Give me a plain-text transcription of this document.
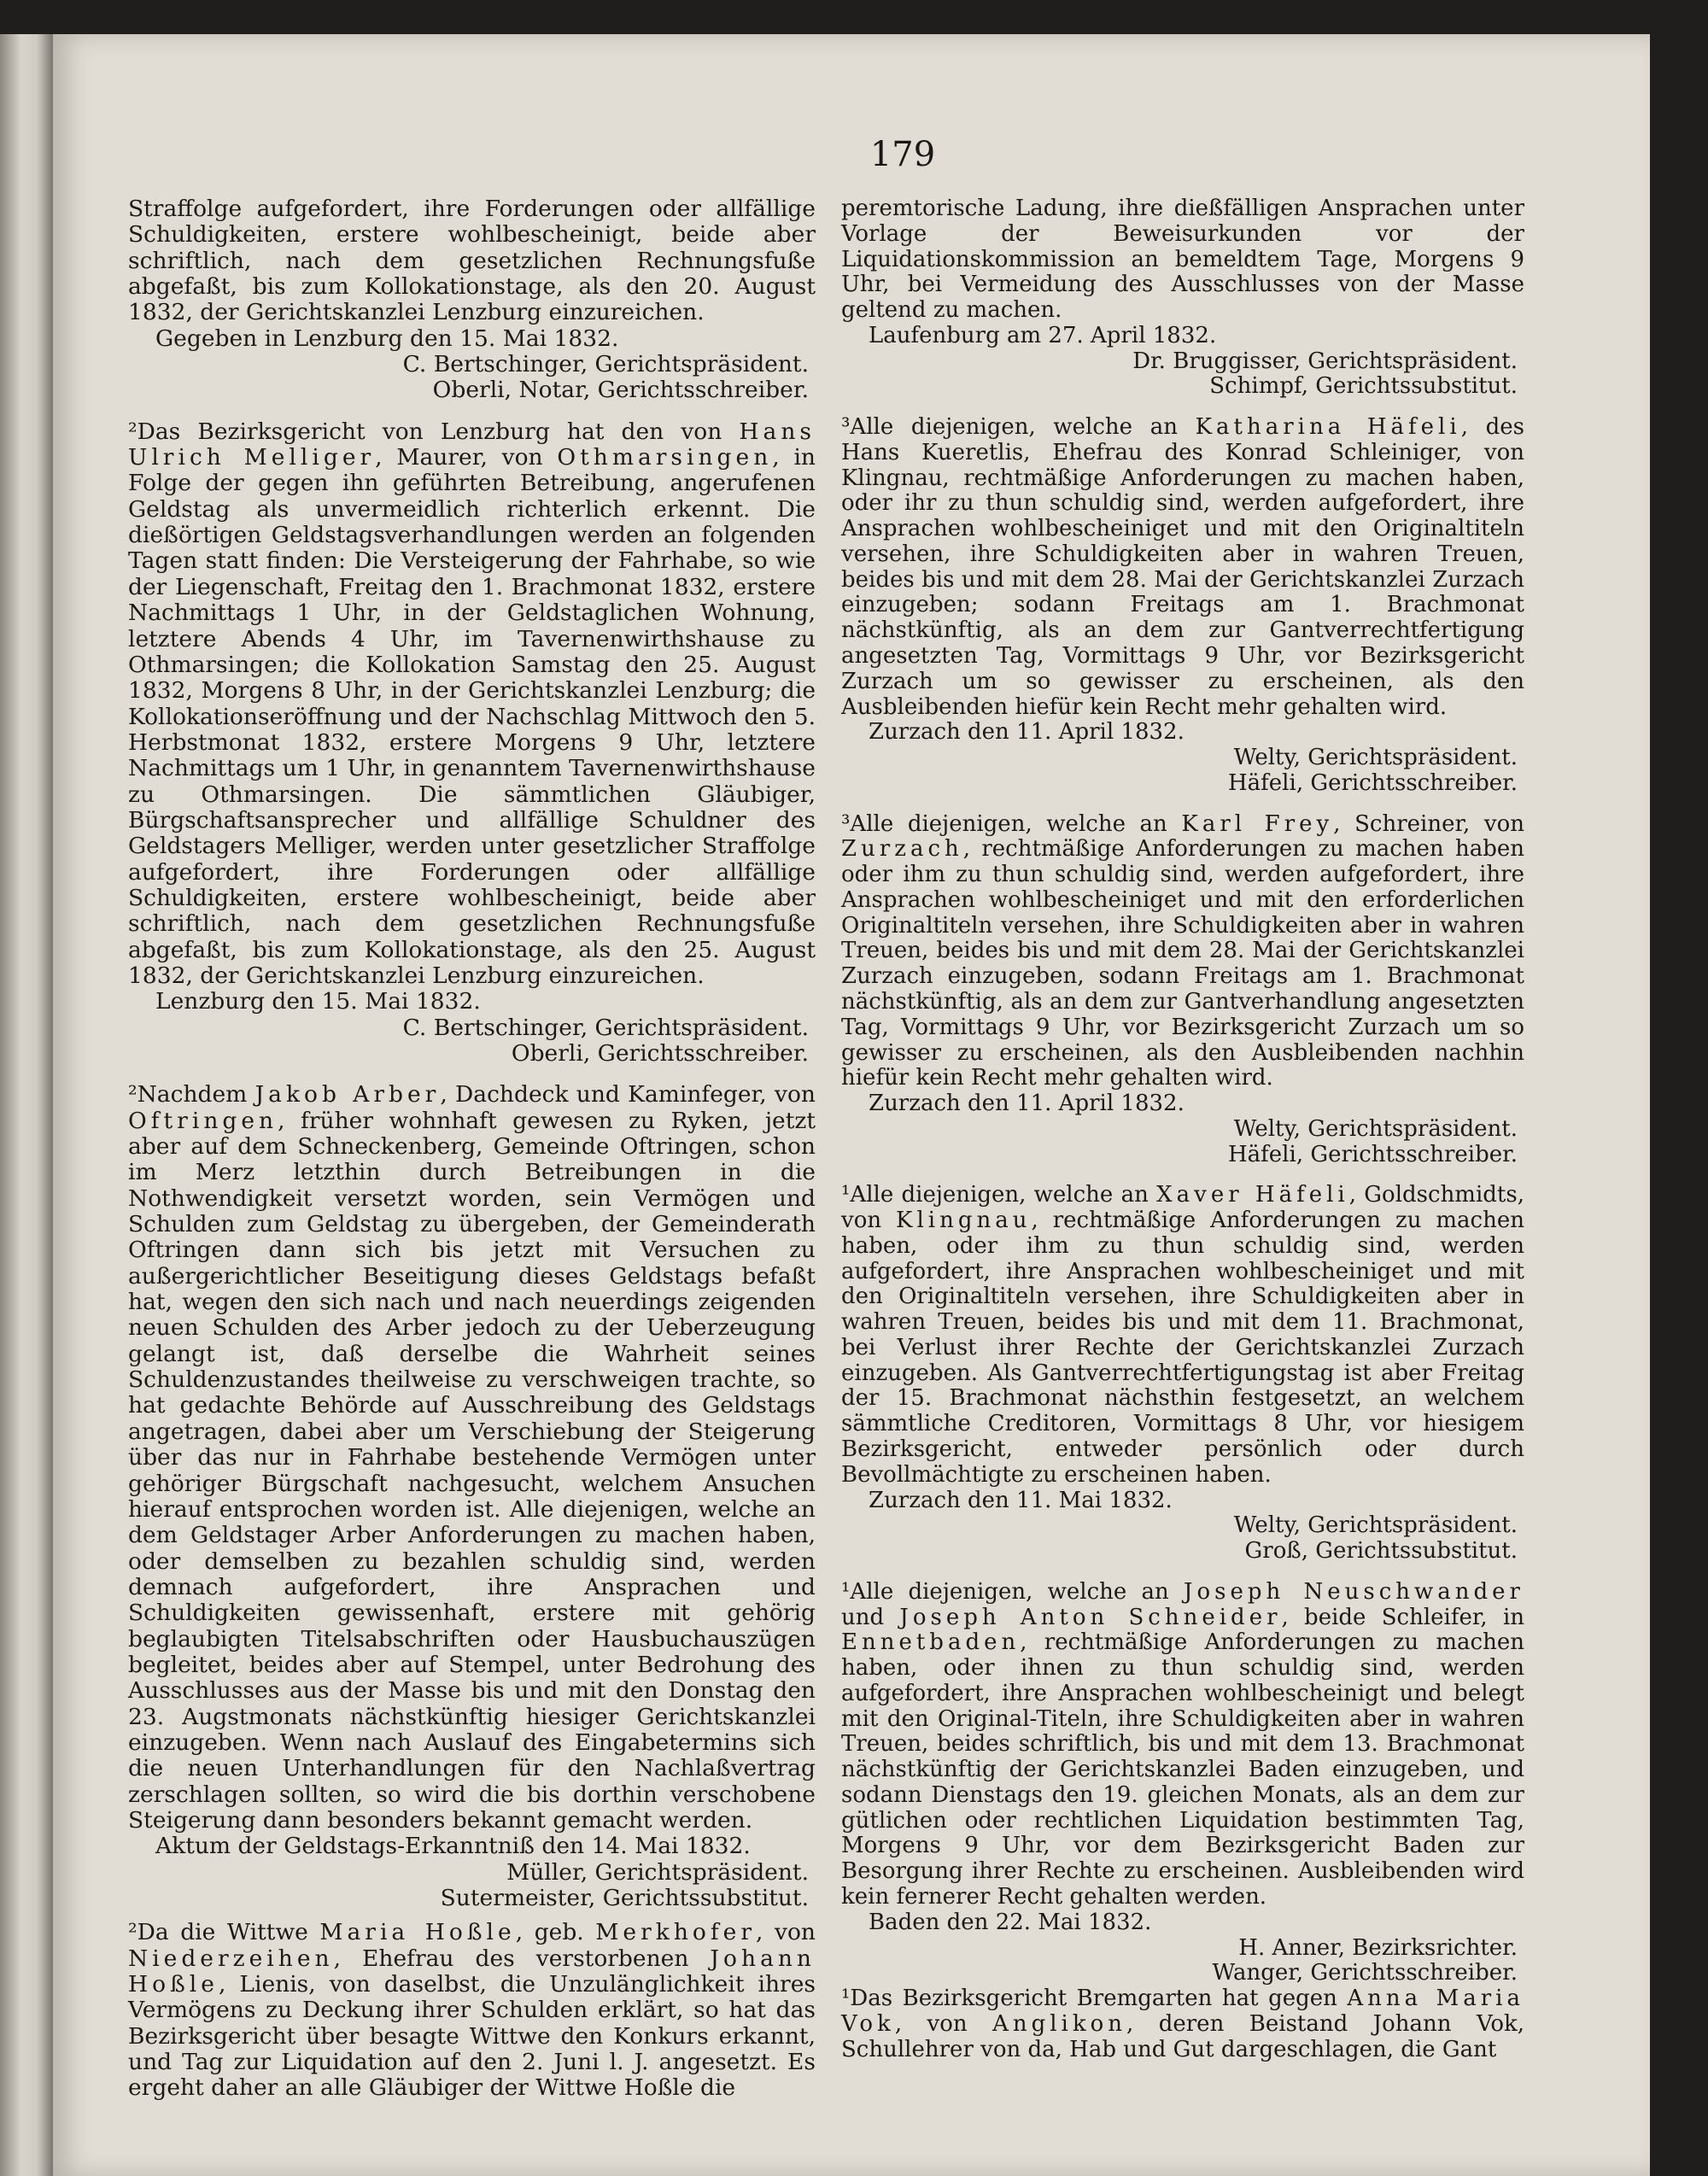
179

Straffolge aufgefordert, ihre Forderungen oder allfällige Schuldigkeiten, erstere wohlbescheinigt, beide aber schriftlich, nach dem gesetzlichen Rechnungsfuße abgefaßt, bis zum Kollokationstage, als den 20. August 1832, der Gerichtskanzlei Lenzburg einzureichen.

Gegeben in Lenzburg den 15. Mai 1832.
C. Bertschinger, Gerichtspräsident.
Oberli, Notar, Gerichtsschreiber.

²Das Bezirksgericht von Lenzburg hat den von Hans Ulrich Melliger, Maurer, von Othmarsingen, in Folge der gegen ihn geführten Betreibung, angerufenen Geldstag als unvermeidlich richterlich erkennt. Die dießörtigen Geldstagsverhandlungen werden an folgenden Tagen statt finden: Die Versteigerung der Fahrhabe, so wie der Liegenschaft, Freitag den 1. Brachmonat 1832, erstere Nachmittags 1 Uhr, in der Geldstaglichen Wohnung, letztere Abends 4 Uhr, im Tavernenwirthshause zu Othmarsingen; die Kollokation Samstag den 25. August 1832, Morgens 8 Uhr, in der Gerichtskanzlei Lenzburg; die Kollokationseröffnung und der Nachschlag Mittwoch den 5. Herbstmonat 1832, erstere Morgens 9 Uhr, letztere Nachmittags um 1 Uhr, in genanntem Tavernenwirthshause zu Othmarsingen. Die sämmtlichen Gläubiger, Bürgschaftsansprecher und allfällige Schuldner des Geldstagers Melliger, werden unter gesetzlicher Straffolge aufgefordert, ihre Forderungen oder allfällige Schuldigkeiten, erstere wohlbescheinigt, beide aber schriftlich, nach dem gesetzlichen Rechnungsfuße abgefaßt, bis zum Kollokationstage, als den 25. August 1832, der Gerichtskanzlei Lenzburg einzureichen.

Lenzburg den 15. Mai 1832.
C. Bertschinger, Gerichtspräsident.
Oberli, Gerichtsschreiber.

²Nachdem Jakob Arber, Dachdeck und Kaminfeger, von Oftringen, früher wohnhaft gewesen zu Ryken, jetzt aber auf dem Schneckenberg, Gemeinde Oftringen, schon im Merz letzthin durch Betreibungen in die Nothwendigkeit versetzt worden, sein Vermögen und Schulden zum Geldstag zu übergeben, der Gemeinderath Oftringen dann sich bis jetzt mit Versuchen zu außergerichtlicher Beseitigung dieses Geldstags befaßt hat, wegen den sich nach und nach neuerdings zeigenden neuen Schulden des Arber jedoch zu der Ueberzeugung gelangt ist, daß derselbe die Wahrheit seines Schuldenzustandes theilweise zu verschweigen trachte, so hat gedachte Behörde auf Ausschreibung des Geldstags angetragen, dabei aber um Verschiebung der Steigerung über das nur in Fahrhabe bestehende Vermögen unter gehöriger Bürgschaft nachgesucht, welchem Ansuchen hierauf entsprochen worden ist. Alle diejenigen, welche an dem Geldstager Arber Anforderungen zu machen haben, oder demselben zu bezahlen schuldig sind, werden demnach aufgefordert, ihre Ansprachen und Schuldigkeiten gewissenhaft, erstere mit gehörig beglaubigten Titelsabschriften oder Hausbuchauszügen begleitet, beides aber auf Stempel, unter Bedrohung des Ausschlusses aus der Masse bis und mit den Donstag den 23. Augstmonats nächstkünftig hiesiger Gerichtskanzlei einzugeben. Wenn nach Auslauf des Eingabetermins sich die neuen Unterhandlungen für den Nachlaßvertrag zerschlagen sollten, so wird die bis dorthin verschobene Steigerung dann besonders bekannt gemacht werden.

Aktum der Geldstags-Erkanntniß den 14. Mai 1832.
Müller, Gerichtspräsident.
Sutermeister, Gerichtssubstitut.

²Da die Wittwe Maria Hoßle, geb. Merkhofer, von Niederzeihen, Ehefrau des verstorbenen Johann Hoßle, Lienis, von daselbst, die Unzulänglichkeit ihres Vermögens zu Deckung ihrer Schulden erklärt, so hat das Bezirksgericht über besagte Wittwe den Konkurs erkannt, und Tag zur Liquidation auf den 2. Juni l. J. angesetzt. Es ergeht daher an alle Gläubiger der Wittwe Hoßle die

peremtorische Ladung, ihre dießfälligen Ansprachen unter Vorlage der Beweisurkunden vor der Liquidationskommission an bemeldtem Tage, Morgens 9 Uhr, bei Vermeidung des Ausschlusses von der Masse geltend zu machen.

Laufenburg am 27. April 1832.
Dr. Bruggisser, Gerichtspräsident.
Schimpf, Gerichtssubstitut.

³Alle diejenigen, welche an Katharina Häfeli, des Hans Kueretlis, Ehefrau des Konrad Schleiniger, von Klingnau, rechtmäßige Anforderungen zu machen haben, oder ihr zu thun schuldig sind, werden aufgefordert, ihre Ansprachen wohlbescheiniget und mit den Originaltiteln versehen, ihre Schuldigkeiten aber in wahren Treuen, beides bis und mit dem 28. Mai der Gerichtskanzlei Zurzach einzugeben; sodann Freitags am 1. Brachmonat nächstkünftig, als an dem zur Gantverrechtfertigung angesetzten Tag, Vormittags 9 Uhr, vor Bezirksgericht Zurzach um so gewisser zu erscheinen, als den Ausbleibenden hiefür kein Recht mehr gehalten wird.

Zurzach den 11. April 1832.
Welty, Gerichtspräsident.
Häfeli, Gerichtsschreiber.

³Alle diejenigen, welche an Karl Frey, Schreiner, von Zurzach, rechtmäßige Anforderungen zu machen haben oder ihm zu thun schuldig sind, werden aufgefordert, ihre Ansprachen wohlbescheiniget und mit den erforderlichen Originaltiteln versehen, ihre Schuldigkeiten aber in wahren Treuen, beides bis und mit dem 28. Mai der Gerichtskanzlei Zurzach einzugeben, sodann Freitags am 1. Brachmonat nächstkünftig, als an dem zur Gantverhandlung angesetzten Tag, Vormittags 9 Uhr, vor Bezirksgericht Zurzach um so gewisser zu erscheinen, als den Ausbleibenden nachhin hiefür kein Recht mehr gehalten wird.

Zurzach den 11. April 1832.
Welty, Gerichtspräsident.
Häfeli, Gerichtsschreiber.

¹Alle diejenigen, welche an Xaver Häfeli, Goldschmidts, von Klingnau, rechtmäßige Anforderungen zu machen haben, oder ihm zu thun schuldig sind, werden aufgefordert, ihre Ansprachen wohlbescheiniget und mit den Originaltiteln versehen, ihre Schuldigkeiten aber in wahren Treuen, beides bis und mit dem 11. Brachmonat, bei Verlust ihrer Rechte der Gerichtskanzlei Zurzach einzugeben. Als Gantverrechtfertigungstag ist aber Freitag der 15. Brachmonat nächsthin festgesetzt, an welchem sämmtliche Creditoren, Vormittags 8 Uhr, vor hiesigem Bezirksgericht, entweder persönlich oder durch Bevollmächtigte zu erscheinen haben.

Zurzach den 11. Mai 1832.
Welty, Gerichtspräsident.
Groß, Gerichtssubstitut.

¹Alle diejenigen, welche an Joseph Neuschwander und Joseph Anton Schneider, beide Schleifer, in Ennetbaden, rechtmäßige Anforderungen zu machen haben, oder ihnen zu thun schuldig sind, werden aufgefordert, ihre Ansprachen wohlbescheinigt und belegt mit den Original-Titeln, ihre Schuldigkeiten aber in wahren Treuen, beides schriftlich, bis und mit dem 13. Brachmonat nächstkünftig der Gerichtskanzlei Baden einzugeben, und sodann Dienstags den 19. gleichen Monats, als an dem zur gütlichen oder rechtlichen Liquidation bestimmten Tag, Morgens 9 Uhr, vor dem Bezirksgericht Baden zur Besorgung ihrer Rechte zu erscheinen. Ausbleibenden wird kein fernerer Recht gehalten werden.

Baden den 22. Mai 1832.
H. Anner, Bezirksrichter.
Wanger, Gerichtsschreiber.

¹Das Bezirksgericht Bremgarten hat gegen Anna Maria Vok, von Anglikon, deren Beistand Johann Vok, Schullehrer von da, Hab und Gut dargeschlagen, die Gant
